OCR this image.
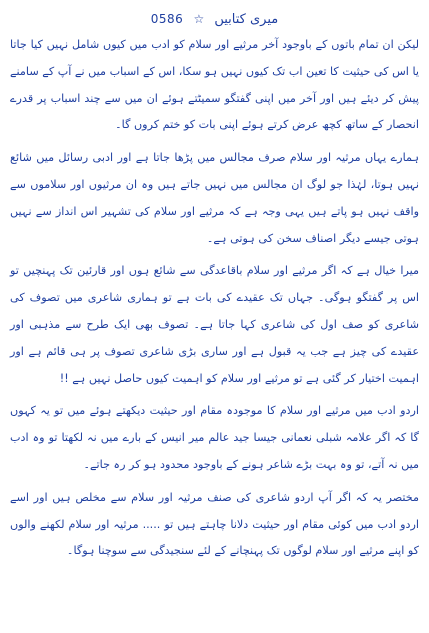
میری کتابیں ☆ 0586

لیکن ان تمام باتوں کے باوجود آخر مرثیے اور سلام کو ادب میں کیوں شامل نہیں کیا جاتا یا اس کی حیثیت کا تعین اب تک کیوں نہیں ہو سکا، اس کے اسباب میں نے آپ کے سامنے پیش کر دیئے ہیں اور آخر میں اپنی گفتگو سمیٹتے ہوئے ان میں سے چند اسباب پر قدرے انحصار کے ساتھ کچھ عرض کرتے ہوئے اپنی بات کو ختم کروں گا۔

ہمارے یہاں مرثیہ اور سلام صرف مجالس میں پڑھا جاتا ہے اور ادبی رسائل میں شائع نہیں ہوتا، لہٰذا جو لوگ ان مجالس میں نہیں جاتے ہیں وہ ان مرثیوں اور سلاموں سے واقف نہیں ہو پاتے ہیں یہی وجہ ہے کہ مرثیے اور سلام کی تشہیر اس انداز سے نہیں ہوتی جیسے دیگر اصناف سخن کی ہوتی ہے۔

میرا خیال ہے کہ اگر مرثیے اور سلام باقاعدگی سے شائع ہوں اور قارئین تک پہنچیں تو اس پر گفتگو ہوگی۔ جہاں تک عقیدے کی بات ہے تو ہماری شاعری میں تصوف کی شاعری کو صف اول کی شاعری کہا جاتا ہے۔ تصوف بھی ایک طرح سے مذہبی اور عقیدے کی چیز ہے جب یہ قبول ہے اور ساری بڑی شاعری تصوف پر ہی قائم ہے اور اہمیت اختیار کر گئی ہے تو مرثیے اور سلام کو اہمیت کیوں حاصل نہیں ہے !!

اردو ادب میں مرثیے اور سلام کا موجودہ مقام اور حیثیت دیکھتے ہوئے میں تو یہ کہوں گا کہ اگر علامہ شبلی نعمانی جیسا جید عالم میر انیس کے بارے میں نہ لکھتا تو وہ ادب میں نہ آتے، تو وہ بہت بڑے شاعر ہونے کے باوجود محدود ہو کر رہ جاتے۔

مختصر یہ کہ اگر آپ اردو شاعری کی صنف مرثیہ اور سلام سے مخلص ہیں اور اسے اردو ادب میں کوئی مقام اور حیثیت دلانا چاہتے ہیں تو ..... مرثیہ اور سلام لکھنے والوں کو اپنے مرثیے اور سلام لوگوں تک پہنچانے کے لئے سنجیدگی سے سوچنا ہوگا۔
